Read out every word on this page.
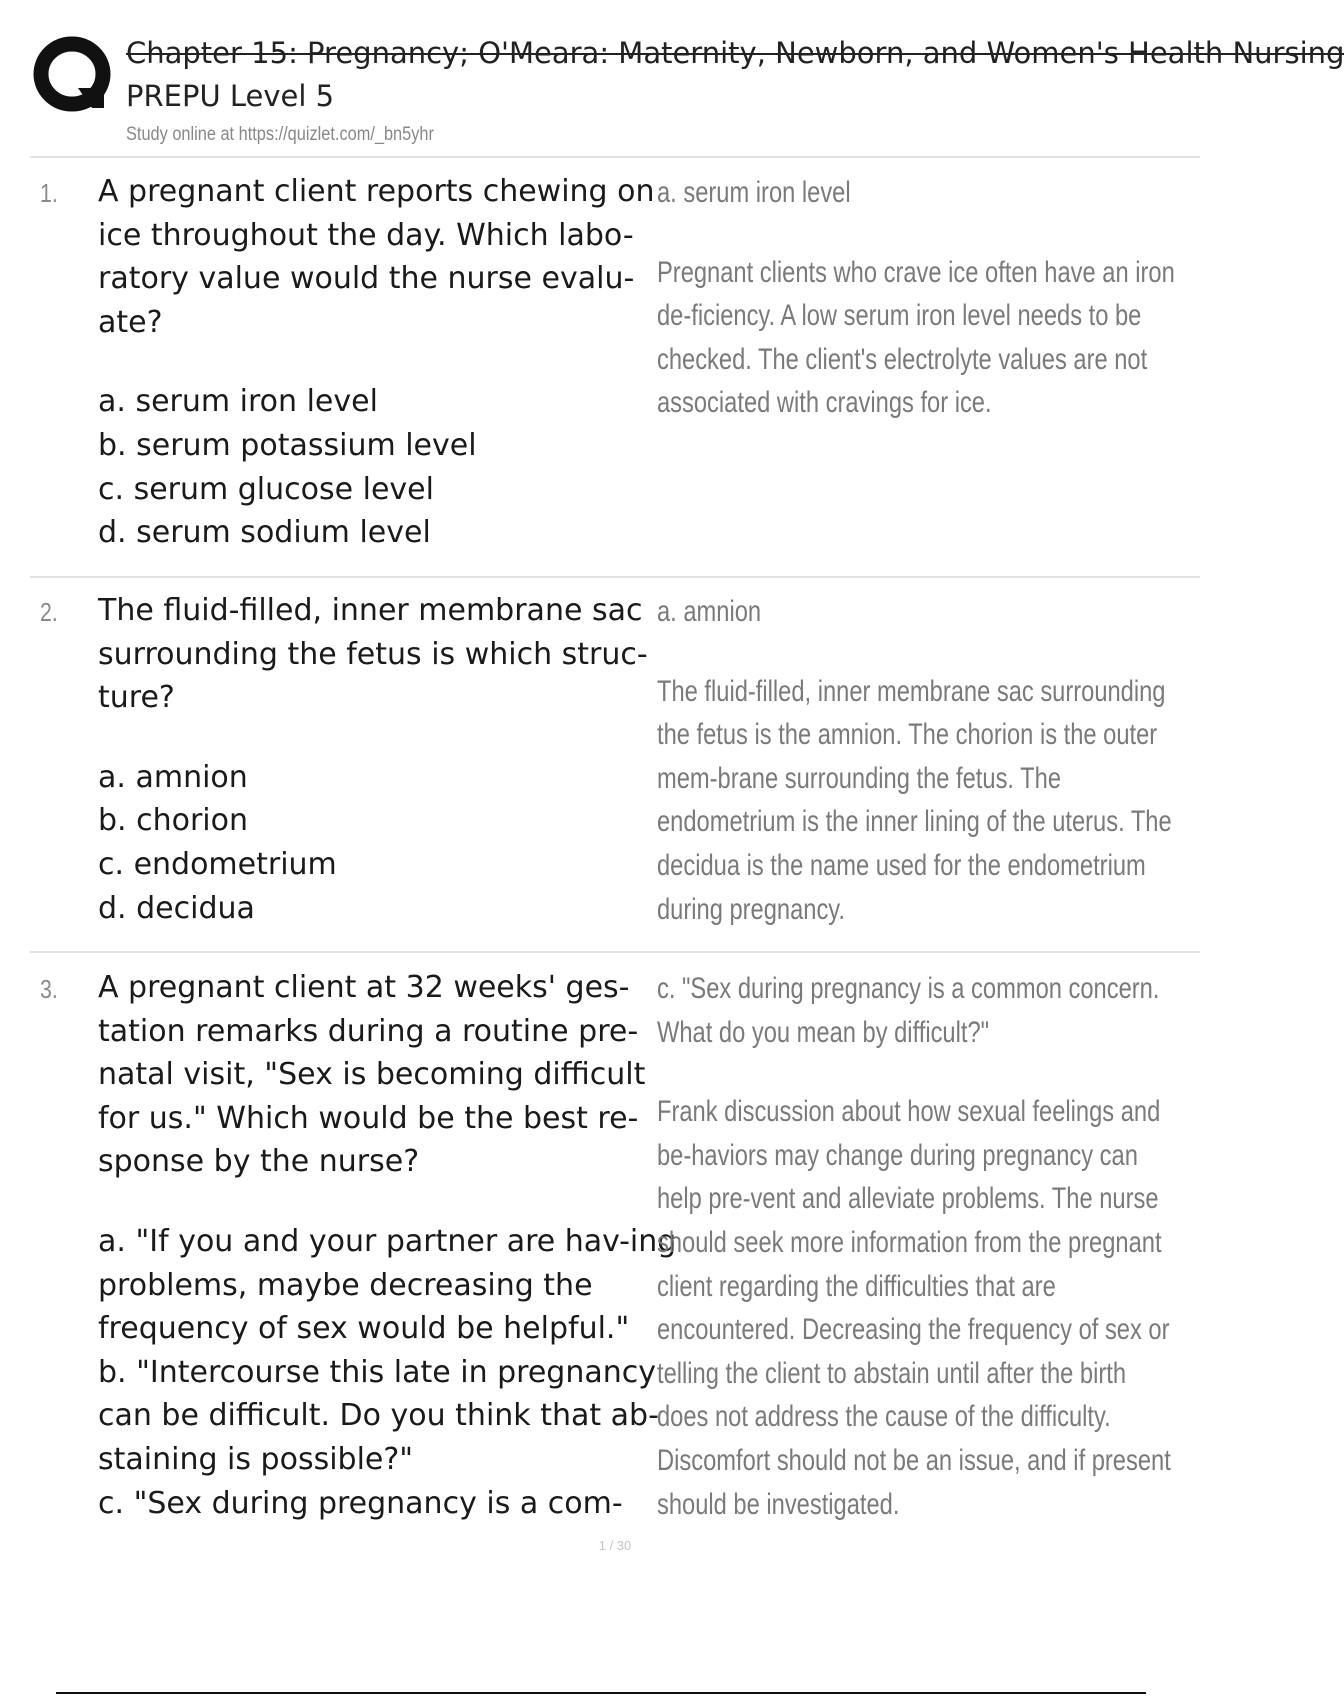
Chapter 15: Pregnancy; O'Meara: Maternity, Newborn, and Women's Health Nursing
PREPU Level 5
Study online at https://quizlet.com/_bn5yhr
1. A pregnant client reports chewing on ice throughout the day. Which labo-ratory value would the nurse evalu-ate?
a. serum iron level
b. serum potassium level
c. serum glucose level
d. serum sodium level
a. serum iron level
Pregnant clients who crave ice often have an iron de-ficiency. A low serum iron level needs to be checked. The client's electrolyte values are not associated with cravings for ice.
2. The fluid-filled, inner membrane sac surrounding the fetus is which struc-ture?
a. amnion
b. chorion
c. endometrium
d. decidua
a. amnion
The fluid-filled, inner membrane sac surrounding the fetus is the amnion. The chorion is the outer mem-brane surrounding the fetus. The endometrium is the inner lining of the uterus. The decidua is the name used for the endometrium during pregnancy.
3. A pregnant client at 32 weeks' ges-tation remarks during a routine pre-natal visit, "Sex is becoming difficult for us." Which would be the best re-sponse by the nurse?
a. "If you and your partner are hav-ing problems, maybe decreasing the frequency of sex would be helpful."
b. "Intercourse this late in pregnancy can be difficult. Do you think that ab-staining is possible?"
c. "Sex during pregnancy is a com-
c. "Sex during pregnancy is a common concern. What do you mean by difficult?"
Frank discussion about how sexual feelings and be-haviors may change during pregnancy can help pre-vent and alleviate problems. The nurse should seek more information from the pregnant client regarding the difficulties that are encountered. Decreasing the frequency of sex or telling the client to abstain until after the birth does not address the cause of the difficulty. Discomfort should not be an issue, and if present should be investigated.
1 / 30
